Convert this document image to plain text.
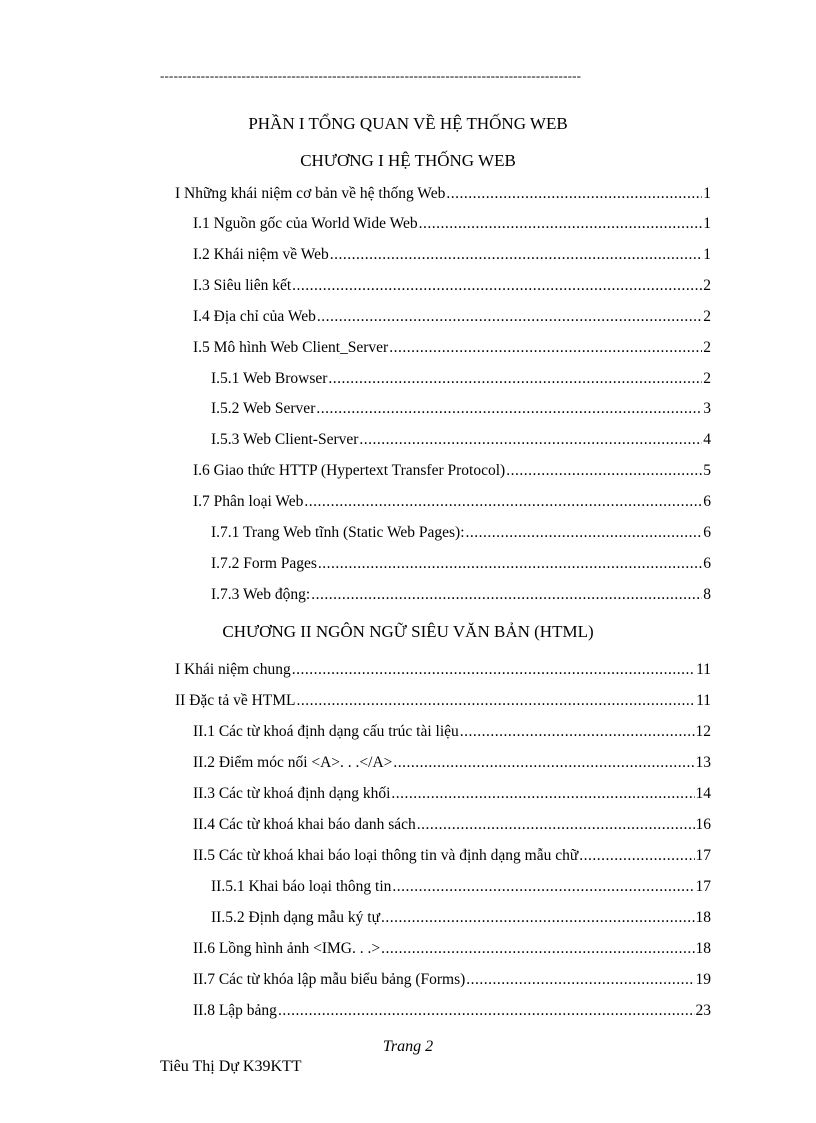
---------------------------------------------------------------------------------------------
PHẦN I TỔNG QUAN VỀ HỆ THỐNG WEB
CHƯƠNG I HỆ THỐNG WEB
I Những khái niệm cơ bản về hệ thống Web .....	1
I.1 Nguồn gốc của World Wide Web .....	1
I.2 Khái niệm về Web .....	1
I.3 Siêu liên kết .....	2
I.4 Địa chỉ của Web .....	2
I.5 Mô hình Web Client_Server .....	2
I.5.1 Web Browser .....	2
I.5.2 Web Server .....	3
I.5.3 Web Client-Server .....	4
I.6 Giao thức HTTP (Hypertext Transfer Protocol) .....	5
I.7 Phân loại Web .....	6
I.7.1 Trang Web tĩnh (Static Web Pages): .....	6
I.7.2 Form Pages .....	6
I.7.3 Web động: .....	8
CHƯƠNG II NGÔN NGỮ SIÊU VĂN BẢN (HTML)
I Khái niệm chung .....	11
II Đặc tả về HTML .....	11
II.1 Các từ khoá định dạng cấu trúc tài liệu .....	12
II.2 Điểm móc nối <A>. . .</A> .....	13
II.3 Các từ khoá định dạng khối .....	14
II.4 Các từ khoá khai báo danh sách .....	16
II.5 Các từ khoá khai báo loại thông tin và định dạng mẫu chữ .....	17
II.5.1 Khai báo loại thông tin .....	17
II.5.2 Định dạng mẫu ký tự .....	18
II.6 Lồng hình ảnh <IMG. . .> .....	18
II.7 Các từ khóa lập mẫu biểu bảng (Forms) .....	19
II.8 Lập bảng .....	23
Trang 2
Tiêu Thị Dự K39KTT
